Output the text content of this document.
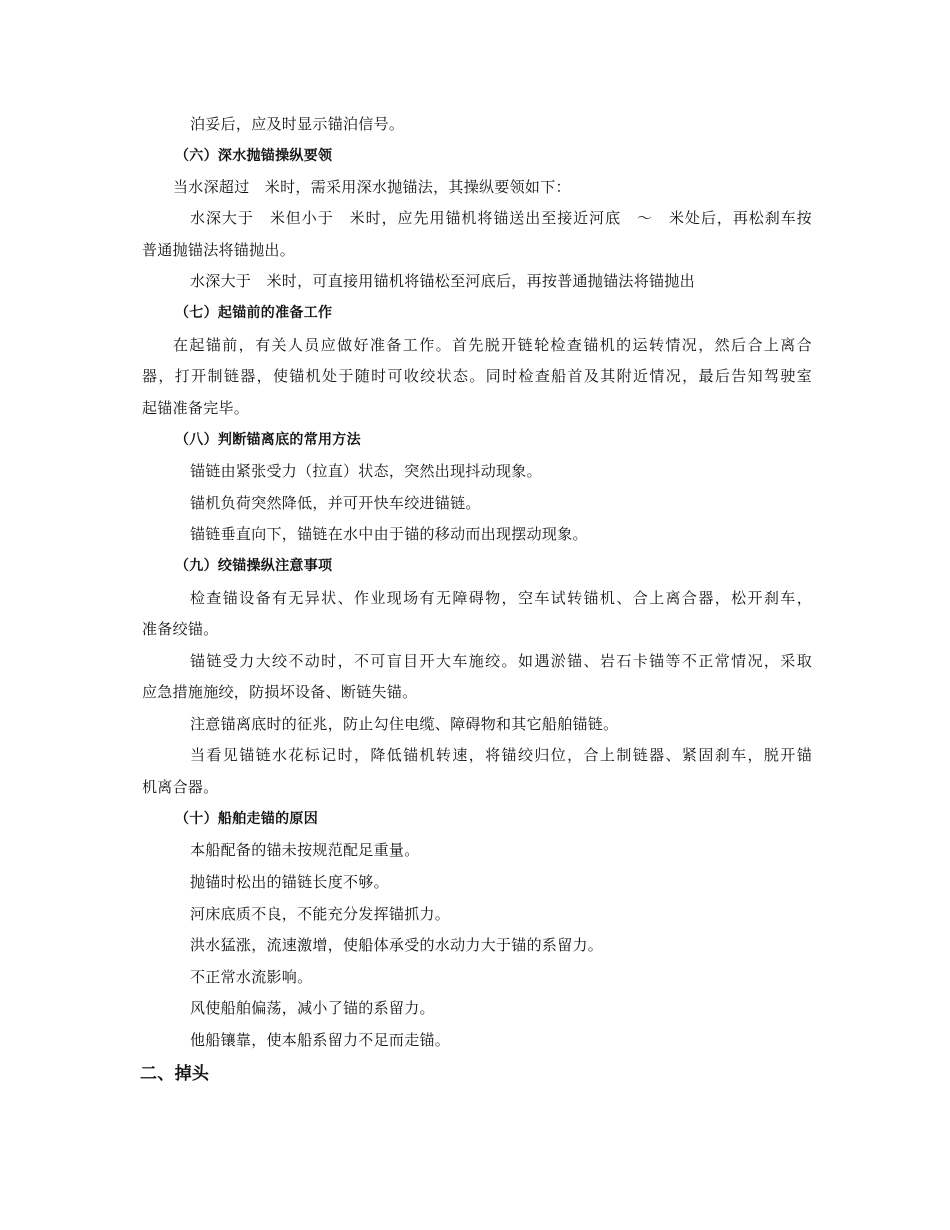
泊妥后，应及时显示锚泊信号。
（六）深水抛锚操纵要领
当水深超过　米时，需采用深水抛锚法，其操纵要领如下：
水深大于　米但小于　米时，应先用锚机将锚送出至接近河底　～　米处后，再松刹车按
普通抛锚法将锚抛出。
水深大于　米时，可直接用锚机将锚松至河底后，再按普通抛锚法将锚抛出
（七）起锚前的准备工作
在起锚前，有关人员应做好准备工作。首先脱开链轮检查锚机的运转情况，然后合上离合
器，打开制链器，使锚机处于随时可收绞状态。同时检查船首及其附近情况，最后告知驾驶室
起锚准备完毕。
（八）判断锚离底的常用方法
锚链由紧张受力（拉直）状态，突然出现抖动现象。
锚机负荷突然降低，并可开快车绞进锚链。
锚链垂直向下，锚链在水中由于锚的移动而出现摆动现象。
（九）绞锚操纵注意事项
检查锚设备有无异状、作业现场有无障碍物，空车试转锚机、合上离合器，松开刹车，
准备绞锚。
锚链受力大绞不动时，不可盲目开大车施绞。如遇淤锚、岩石卡锚等不正常情况，采取
应急措施施绞，防损坏设备、断链失锚。
注意锚离底时的征兆，防止勾住电缆、障碍物和其它船舶锚链。
当看见锚链水花标记时，降低锚机转速，将锚绞归位，合上制链器、紧固刹车，脱开锚
机离合器。
（十）船舶走锚的原因
本船配备的锚未按规范配足重量。
抛锚时松出的锚链长度不够。
河床底质不良，不能充分发挥锚抓力。
洪水猛涨，流速激增，使船体承受的水动力大于锚的系留力。
不正常水流影响。
风使船舶偏荡，减小了锚的系留力。
他船镶靠，使本船系留力不足而走锚。
二、掉头
